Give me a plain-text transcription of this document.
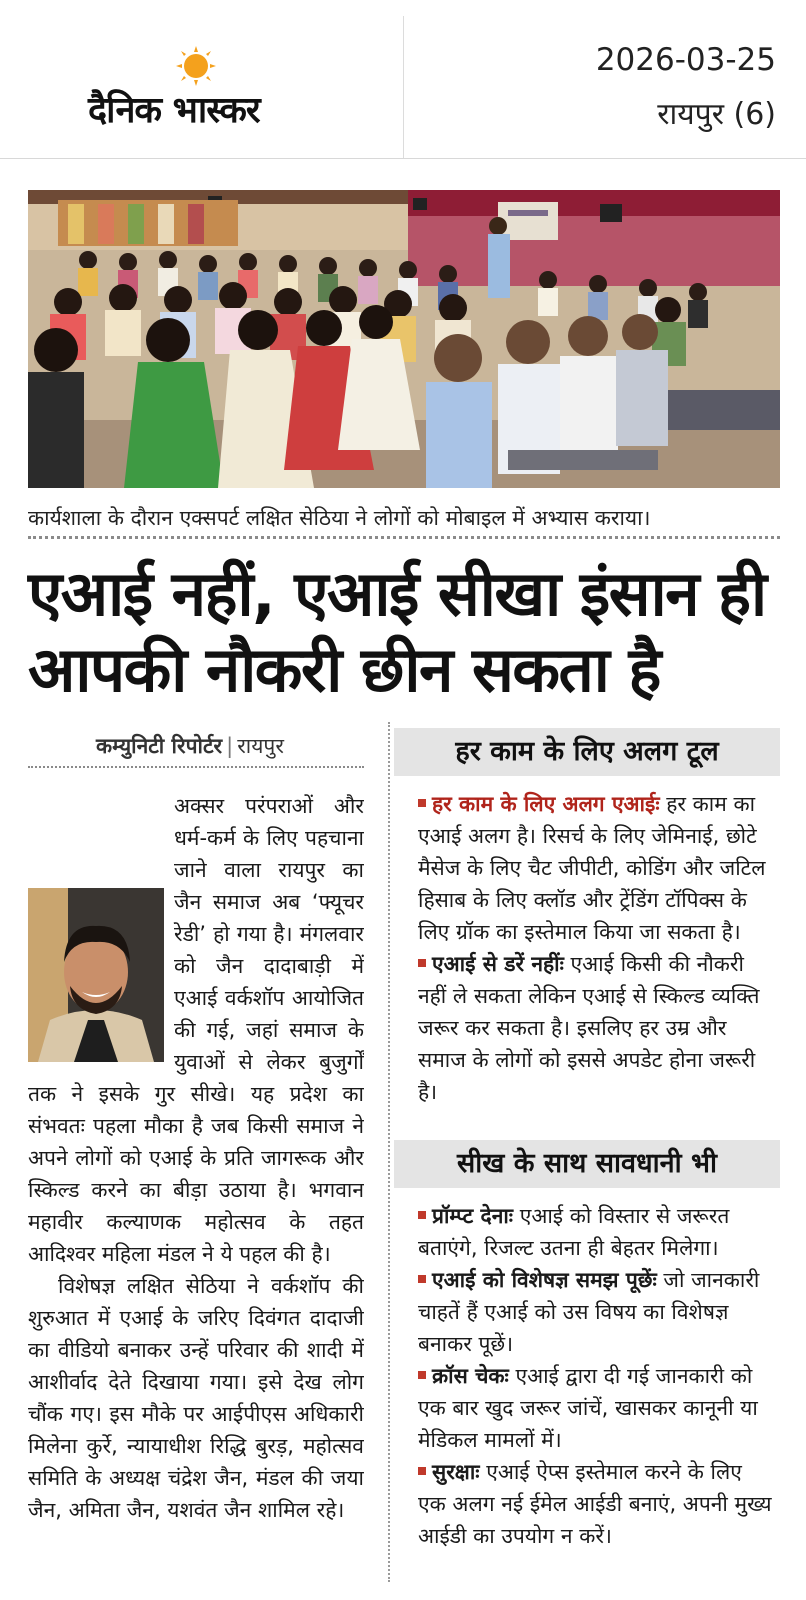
दैनिक भास्कर
2026-03-25
रायपुर (6)
कार्यशाला के दौरान एक्सपर्ट लक्षित सेठिया ने लोगों को मोबाइल में अभ्यास कराया।
एआई नहीं, एआई सीखा इंसान ही
आपकी नौकरी छीन सकता है
कम्युनिटी रिपोर्टर | रायपुर

अक्सर परंपराओं और धर्म-कर्म के लिए पहचाना जाने वाला रायपुर का जैन समाज अब ‘फ्यूचर रेडी’ हो गया है। मंगलवार को जैन दादाबाड़ी में एआई वर्कशॉप आयोजित की गई, जहां समाज के युवाओं से लेकर बुजुर्गों तक ने इसके गुर सीखे। यह प्रदेश का संभवतः पहला मौका है जब किसी समाज ने अपने लोगों को एआई के प्रति जागरूक और स्किल्ड करने का बीड़ा उठाया है। भगवान महावीर कल्याणक महोत्सव के तहत आदिश्वर महिला मंडल ने ये पहल की है।

विशेषज्ञ लक्षित सेठिया ने वर्कशॉप की शुरुआत में एआई के जरिए दिवंगत दादाजी का वीडियो बनाकर उन्हें परिवार की शादी में आशीर्वाद देते दिखाया गया। इसे देख लोग चौंक गए। इस मौके पर आईपीएस अधिकारी मिलेना कुर्रे, न्यायाधीश रिद्धि बुरड़, महोत्सव समिति के अध्यक्ष चंद्रेश जैन, मंडल की जया जैन, अमिता जैन, यशवंत जैन शामिल रहे।

हर काम के लिए अलग टूल

हर काम के लिए अलग एआईः हर काम का एआई अलग है। रिसर्च के लिए जेमिनाई, छोटे मैसेज के लिए चैट जीपीटी, कोडिंग और जटिल हिसाब के लिए क्लॉड और ट्रेंडिंग टॉपिक्स के लिए ग्रॉक का इस्तेमाल किया जा सकता है।

एआई से डरें नहींः एआई किसी की नौकरी नहीं ले सकता लेकिन एआई से स्किल्ड व्यक्ति जरूर कर सकता है। इसलिए हर उम्र और समाज के लोगों को इससे अपडेट होना जरूरी है।

सीख के साथ सावधानी भी

प्रॉम्प्ट देनाः एआई को विस्तार से जरूरत बताएंगे, रिजल्ट उतना ही बेहतर मिलेगा।

एआई को विशेषज्ञ समझ पूछेंः जो जानकारी चाहतें हैं एआई को उस विषय का विशेषज्ञ बनाकर पूछें।

क्रॉस चेकः एआई द्वारा दी गई जानकारी को एक बार खुद जरूर जांचें, खासकर कानूनी या मेडिकल मामलों में।

सुरक्षाः एआई ऐप्स इस्तेमाल करने के लिए एक अलग नई ईमेल आईडी बनाएं, अपनी मुख्य आईडी का उपयोग न करें।
